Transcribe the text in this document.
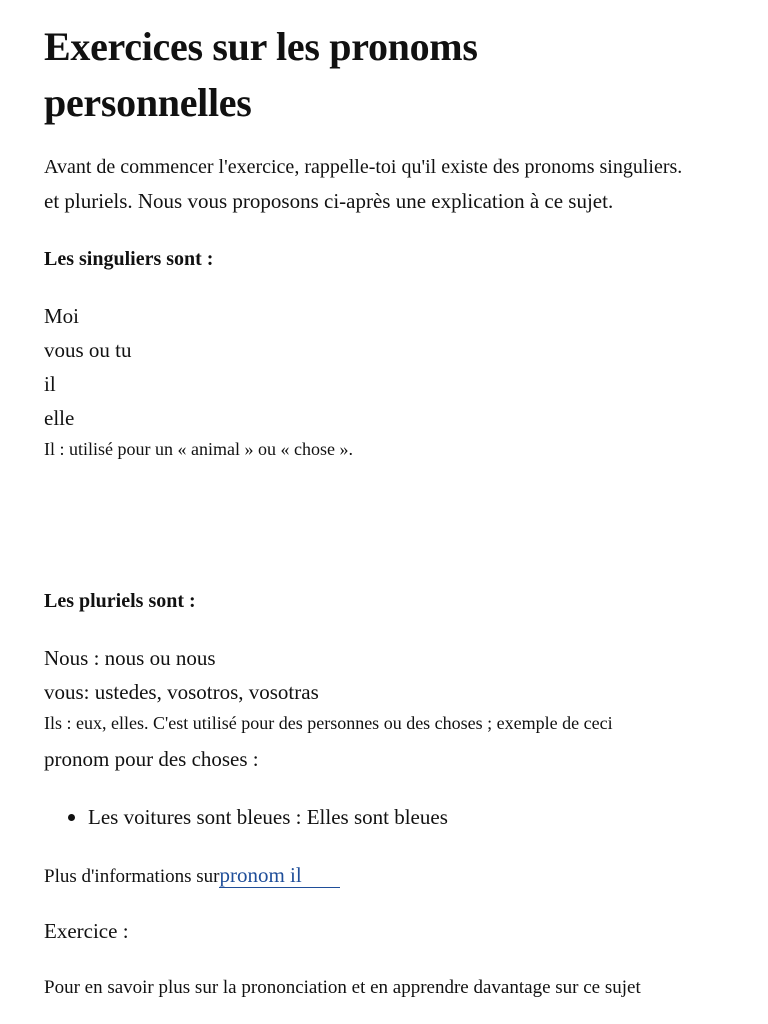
Exercices sur les pronoms personnelles

Avant de commencer l'exercice, rappelle-toi qu'il existe des pronoms singuliers.
et pluriels. Nous vous proposons ci-après une explication à ce sujet.

Les singuliers sont :

Moi
vous ou tu
il
elle

Il : utilisé pour un « animal » ou « chose ».

Les pluriels sont :

Nous : nous ou nous
vous: ustedes, vosotros, vosotras

Ils : eux, elles. C'est utilisé pour des personnes ou des choses ; exemple de ceci

pronom pour des choses :

Les voitures sont bleues : Elles sont bleues

Plus d'informations surpronom il

Exercice :

Pour en savoir plus sur la prononciation et en apprendre davantage sur ce sujet
